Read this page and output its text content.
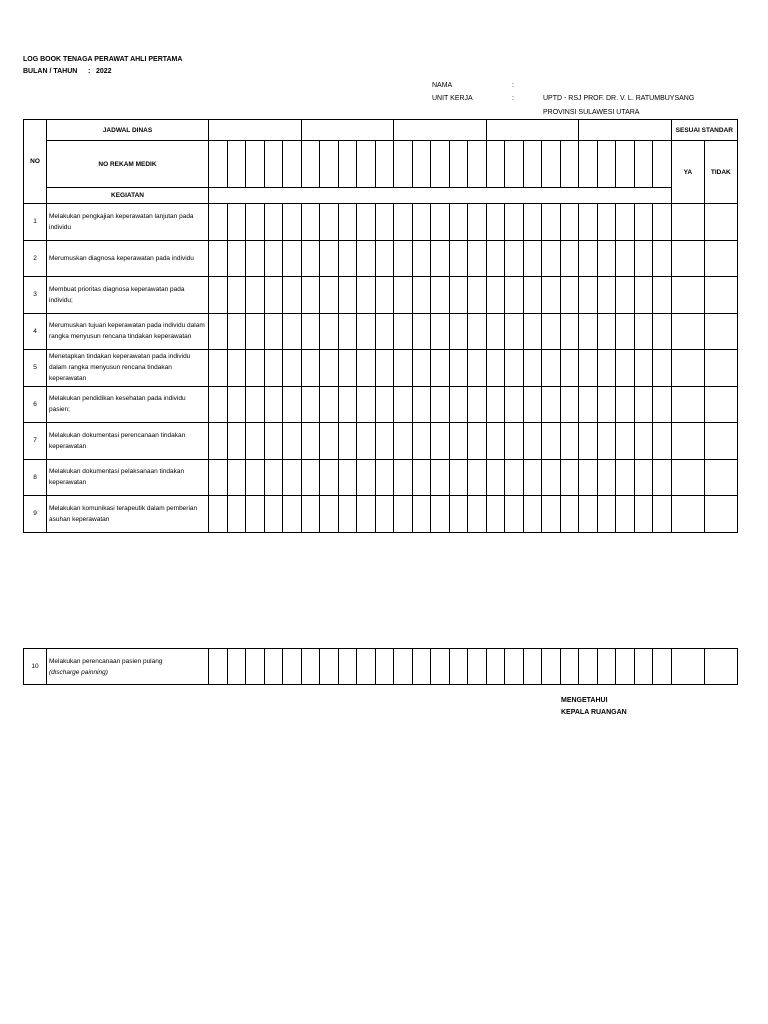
LOG BOOK TENAGA PERAWAT AHLI PERTAMA
BULAN / TAHUN : 2022
NAMA	:
UNIT KERJA	:	UPTD - RSJ PROF. DR. V. L. RATUMBUYSANG
PROVINSI SULAWESI UTARA
NO	JADWAL DINAS																										SESUAI STANDAR	
	NO REKAM MEDIK																										YA	TIDAK
	KEGIATAN																											
1	Melakukan pengkajian keperawatan lanjutan pada individu																											
2	Merumuskan diagnosa keperawatan pada individu																											
3	Membuat prioritas diagnosa keperawatan pada individu;																											
4	Merumuskan tujuan keperawatan pada individu dalam rangka menyusun rencana tindakan keperawatan																											
5	Menetapkan tindakan keperawatan pada individu dalam rangka menyusun rencana tindakan keperawatan																											
6	Melakukan pendidikan kesehatan pada individu pasien;																											
7	Melakukan dokumentasi perencanaan tindakan keperawatan																											
8	Melakukan dokumentasi pelaksanaan tindakan keperawatan																											
9	Melakukan komunikasi terapeutik dalam pemberian asuhan keperawatan																											
10	Melakukan perencanaan pasien pulang
(discharge painning)																											
MENGETAHUI
KEPALA RUANGAN
